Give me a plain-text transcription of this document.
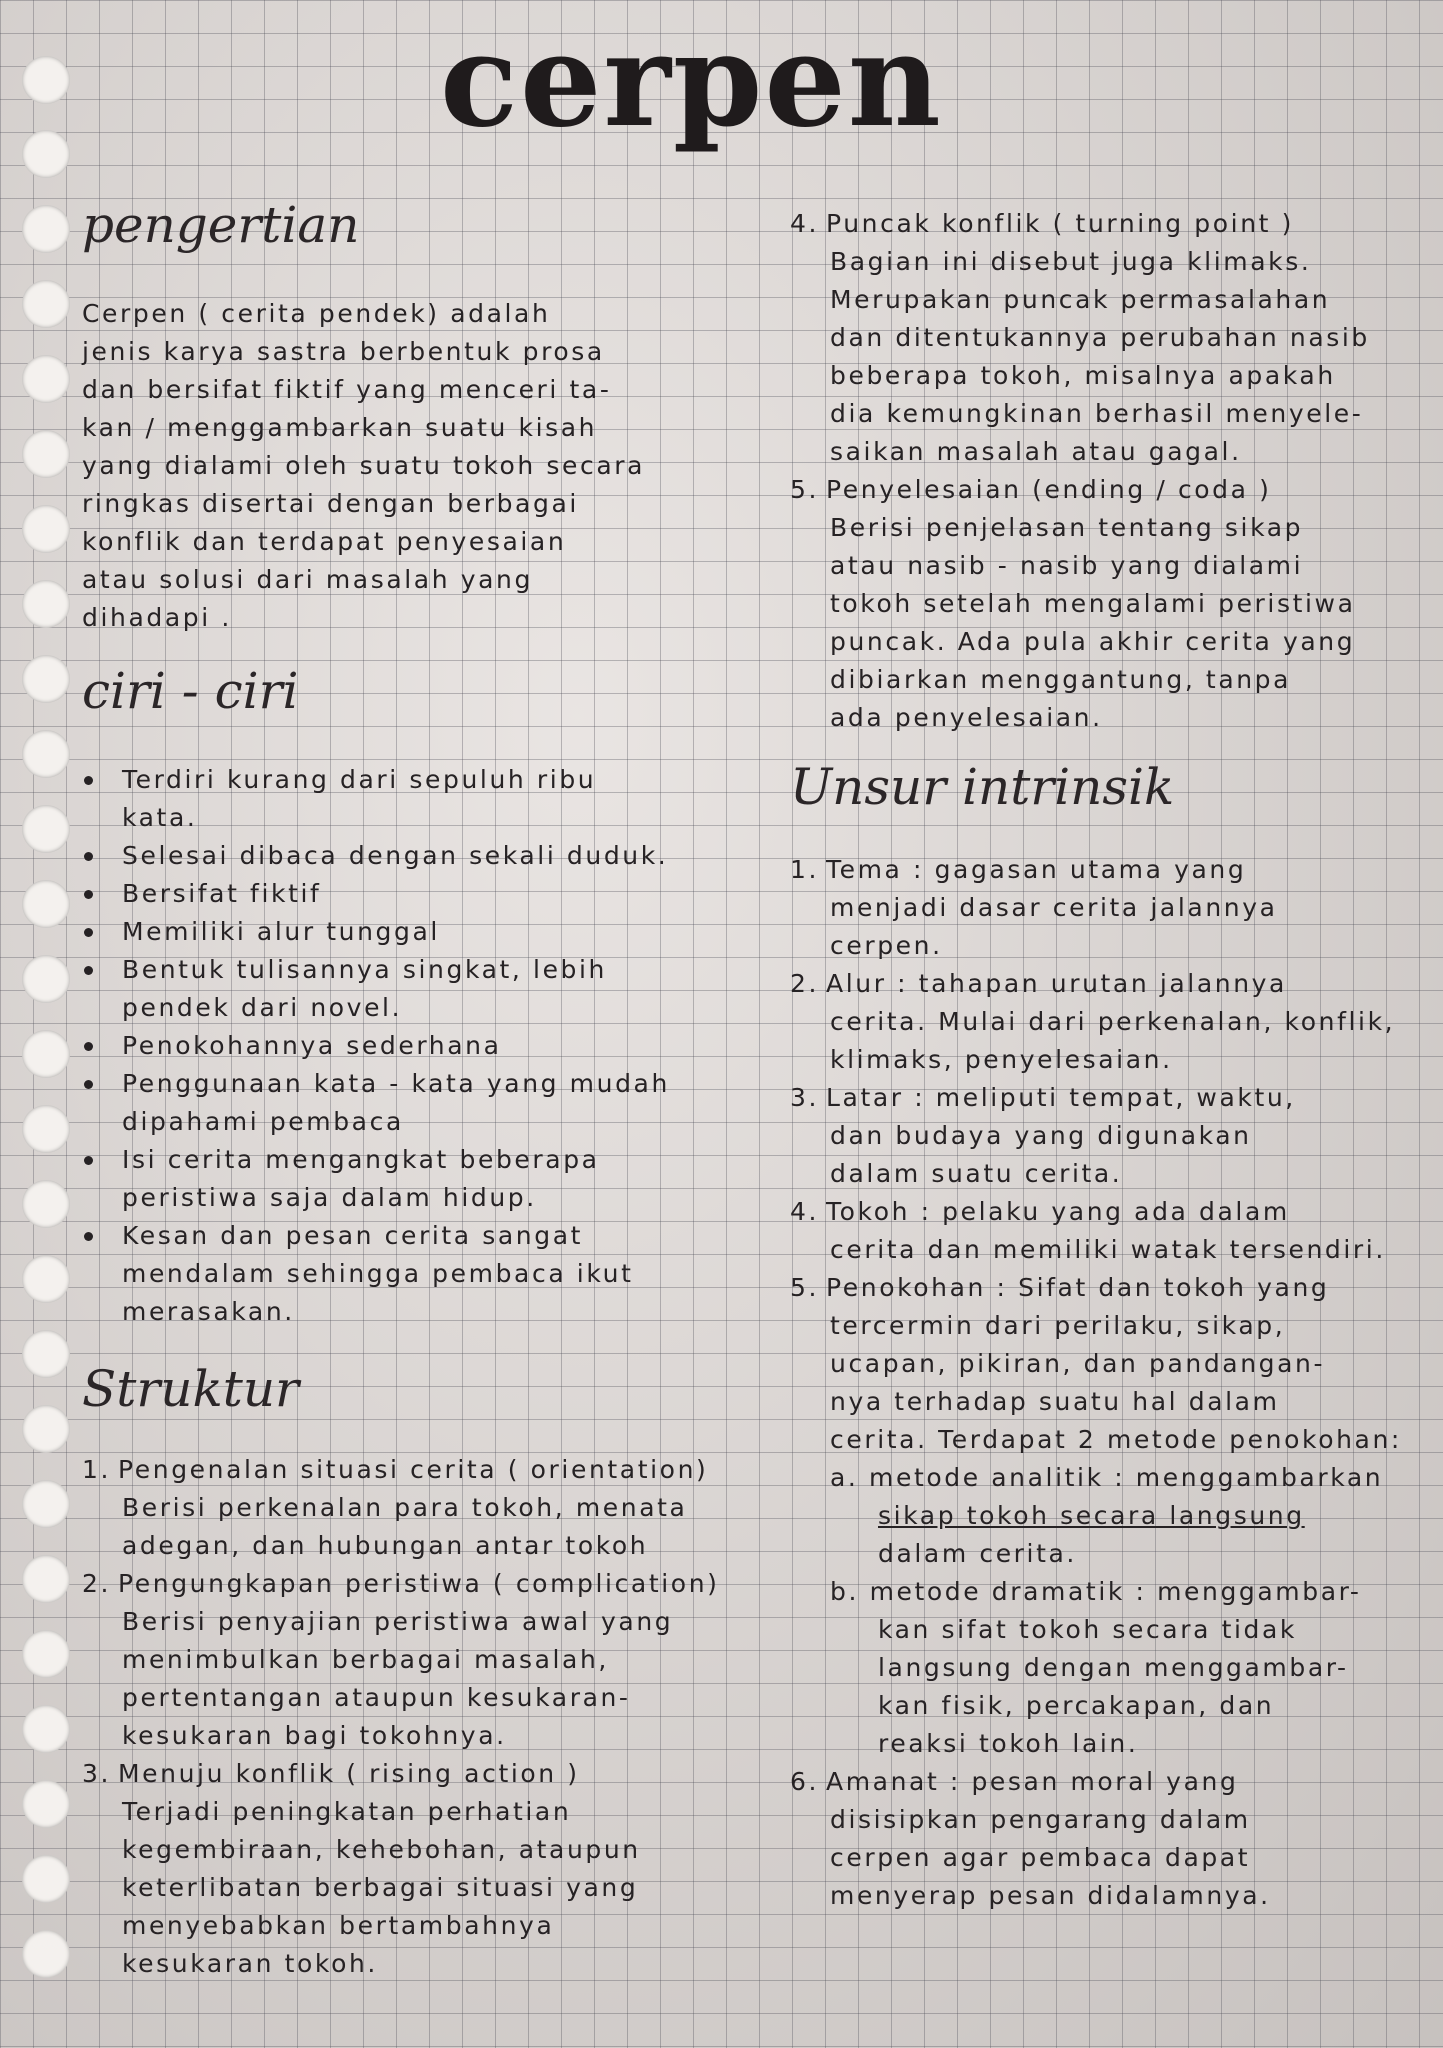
cerpen
pengertian
Cerpen ( cerita pendek) adalah
jenis karya sastra berbentuk prosa
dan bersifat fiktif yang menceri ta-
kan / menggambarkan suatu kisah
yang dialami oleh suatu tokoh secara
ringkas disertai dengan berbagai
konflik dan terdapat penyesaian
atau solusi dari masalah yang
dihadapi .
ciri - ciri
Terdiri kurang dari sepuluh ribu
kata.
Selesai dibaca dengan sekali duduk.
Bersifat fiktif
Memiliki alur tunggal
Bentuk tulisannya singkat, lebih
pendek dari novel.
Penokohannya sederhana
Penggunaan kata - kata yang mudah
dipahami pembaca
Isi cerita mengangkat beberapa
peristiwa saja dalam hidup.
Kesan dan pesan cerita sangat
mendalam sehingga pembaca ikut
merasakan.
Struktur
1. Pengenalan situasi cerita ( orientation)
Berisi perkenalan para tokoh, menata
adegan, dan hubungan antar tokoh
2. Pengungkapan peristiwa ( complication)
Berisi penyajian peristiwa awal yang
menimbulkan berbagai masalah,
pertentangan ataupun kesukaran-
kesukaran bagi tokohnya.
3. Menuju konflik ( rising action )
Terjadi peningkatan perhatian
kegembiraan, kehebohan, ataupun
keterlibatan berbagai situasi yang
menyebabkan bertambahnya
kesukaran tokoh.
4. Puncak konflik ( turning point )
Bagian ini disebut juga klimaks.
Merupakan puncak permasalahan
dan ditentukannya perubahan nasib
beberapa tokoh, misalnya apakah
dia kemungkinan berhasil menyele-
saikan masalah atau gagal.
5. Penyelesaian (ending / coda )
Berisi penjelasan tentang sikap
atau nasib - nasib yang dialami
tokoh setelah mengalami peristiwa
puncak. Ada pula akhir cerita yang
dibiarkan menggantung, tanpa
ada penyelesaian.
Unsur intrinsik
1. Tema : gagasan utama yang
menjadi dasar cerita jalannya
cerpen.
2. Alur : tahapan urutan jalannya
cerita. Mulai dari perkenalan, konflik,
klimaks, penyelesaian.
3. Latar : meliputi tempat, waktu,
dan budaya yang digunakan
dalam suatu cerita.
4. Tokoh : pelaku yang ada dalam
cerita dan memiliki watak tersendiri.
5. Penokohan : Sifat dan tokoh yang
tercermin dari perilaku, sikap,
ucapan, pikiran, dan pandangan-
nya terhadap suatu hal dalam
cerita. Terdapat 2 metode penokohan:
a. metode analitik : menggambarkan
sikap tokoh secara langsung
dalam cerita.
b. metode dramatik : menggambar-
kan sifat tokoh secara tidak
langsung dengan menggambar-
kan fisik, percakapan, dan
reaksi tokoh lain.
6. Amanat : pesan moral yang
disisipkan pengarang dalam
cerpen agar pembaca dapat
menyerap pesan didalamnya.
